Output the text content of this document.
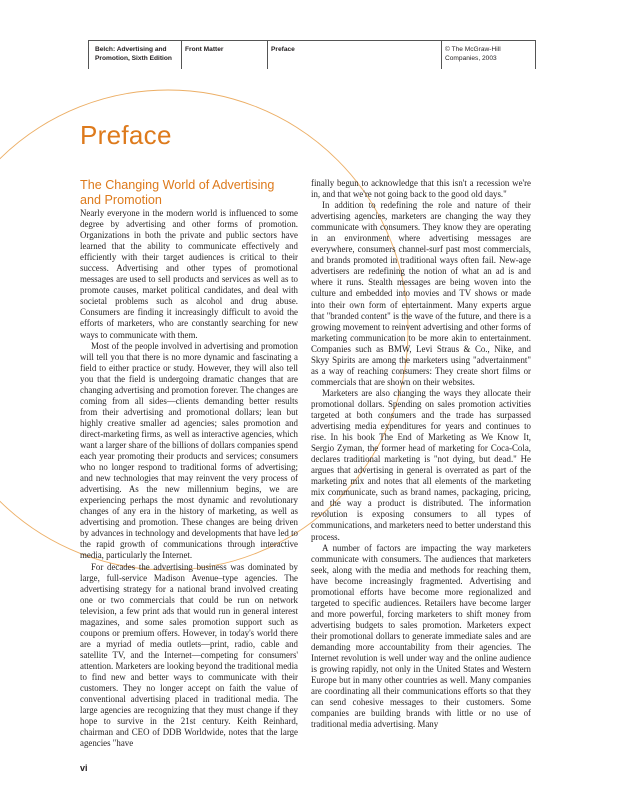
Belch: Advertising and Promotion, Sixth Edition
Front Matter	Preface	© The McGraw-Hill Companies, 2003
Preface
The Changing World of Advertising and Promotion

Nearly everyone in the modern world is influenced to some degree by advertising and other forms of promotion. Organizations in both the private and public sectors have learned that the ability to communicate effectively and efficiently with their target audiences is critical to their success. Advertising and other types of promotional messages are used to sell products and services as well as to promote causes, market political candidates, and deal with societal problems such as alcohol and drug abuse. Consumers are finding it increasingly difficult to avoid the efforts of marketers, who are constantly searching for new ways to communicate with them.

Most of the people involved in advertising and promotion will tell you that there is no more dynamic and fascinating a field to either practice or study. However, they will also tell you that the field is undergoing dramatic changes that are changing advertising and promotion forever. The changes are coming from all sides—clients demanding better results from their advertising and promotional dollars; lean but highly creative smaller ad agencies; sales promotion and direct-marketing firms, as well as interactive agencies, which want a larger share of the billions of dollars companies spend each year promoting their products and services; consumers who no longer respond to traditional forms of advertising; and new technologies that may reinvent the very process of advertising. As the new millennium begins, we are experiencing perhaps the most dynamic and revolutionary changes of any era in the history of marketing, as well as advertising and promotion. These changes are being driven by advances in technology and developments that have led to the rapid growth of communications through interactive media, particularly the Internet.

For decades the advertising business was dominated by large, full-service Madison Avenue–type agencies. The advertising strategy for a national brand involved creating one or two commercials that could be run on network television, a few print ads that would run in general interest magazines, and some sales promotion support such as coupons or premium offers. However, in today's world there are a myriad of media outlets—print, radio, cable and satellite TV, and the Internet—competing for consumers' attention. Marketers are looking beyond the traditional media to find new and better ways to communicate with their customers. They no longer accept on faith the value of conventional advertising placed in traditional media. The large agencies are recognizing that they must change if they hope to survive in the 21st century. Keith Reinhard, chairman and CEO of DDB Worldwide, notes that the large agencies "have

finally begun to acknowledge that this isn't a recession we're in, and that we're not going back to the good old days."

In addition to redefining the role and nature of their advertising agencies, marketers are changing the way they communicate with consumers. They know they are operating in an environment where advertising messages are everywhere, consumers channel-surf past most commercials, and brands promoted in traditional ways often fail. New-age advertisers are redefining the notion of what an ad is and where it runs. Stealth messages are being woven into the culture and embedded into movies and TV shows or made into their own form of entertainment. Many experts argue that "branded content" is the wave of the future, and there is a growing movement to reinvent advertising and other forms of marketing communication to be more akin to entertainment. Companies such as BMW, Levi Straus & Co., Nike, and Skyy Spirits are among the marketers using "advertainment" as a way of reaching consumers: They create short films or commercials that are shown on their websites.

Marketers are also changing the ways they allocate their promotional dollars. Spending on sales promotion activities targeted at both consumers and the trade has surpassed advertising media expenditures for years and continues to rise. In his book The End of Marketing as We Know It, Sergio Zyman, the former head of marketing for Coca-Cola, declares traditional marketing is "not dying, but dead." He argues that advertising in general is overrated as part of the marketing mix and notes that all elements of the marketing mix communicate, such as brand names, packaging, pricing, and the way a product is distributed. The information revolution is exposing consumers to all types of communications, and marketers need to better understand this process.

A number of factors are impacting the way marketers communicate with consumers. The audiences that marketers seek, along with the media and methods for reaching them, have become increasingly fragmented. Advertising and promotional efforts have become more regionalized and targeted to specific audiences. Retailers have become larger and more powerful, forcing marketers to shift money from advertising budgets to sales promotion. Marketers expect their promotional dollars to generate immediate sales and are demanding more accountability from their agencies. The Internet revolution is well under way and the online audience is growing rapidly, not only in the United States and Western Europe but in many other countries as well. Many companies are coordinating all their communications efforts so that they can send cohesive messages to their customers. Some companies are building brands with little or no use of traditional media advertising. Many

vi
